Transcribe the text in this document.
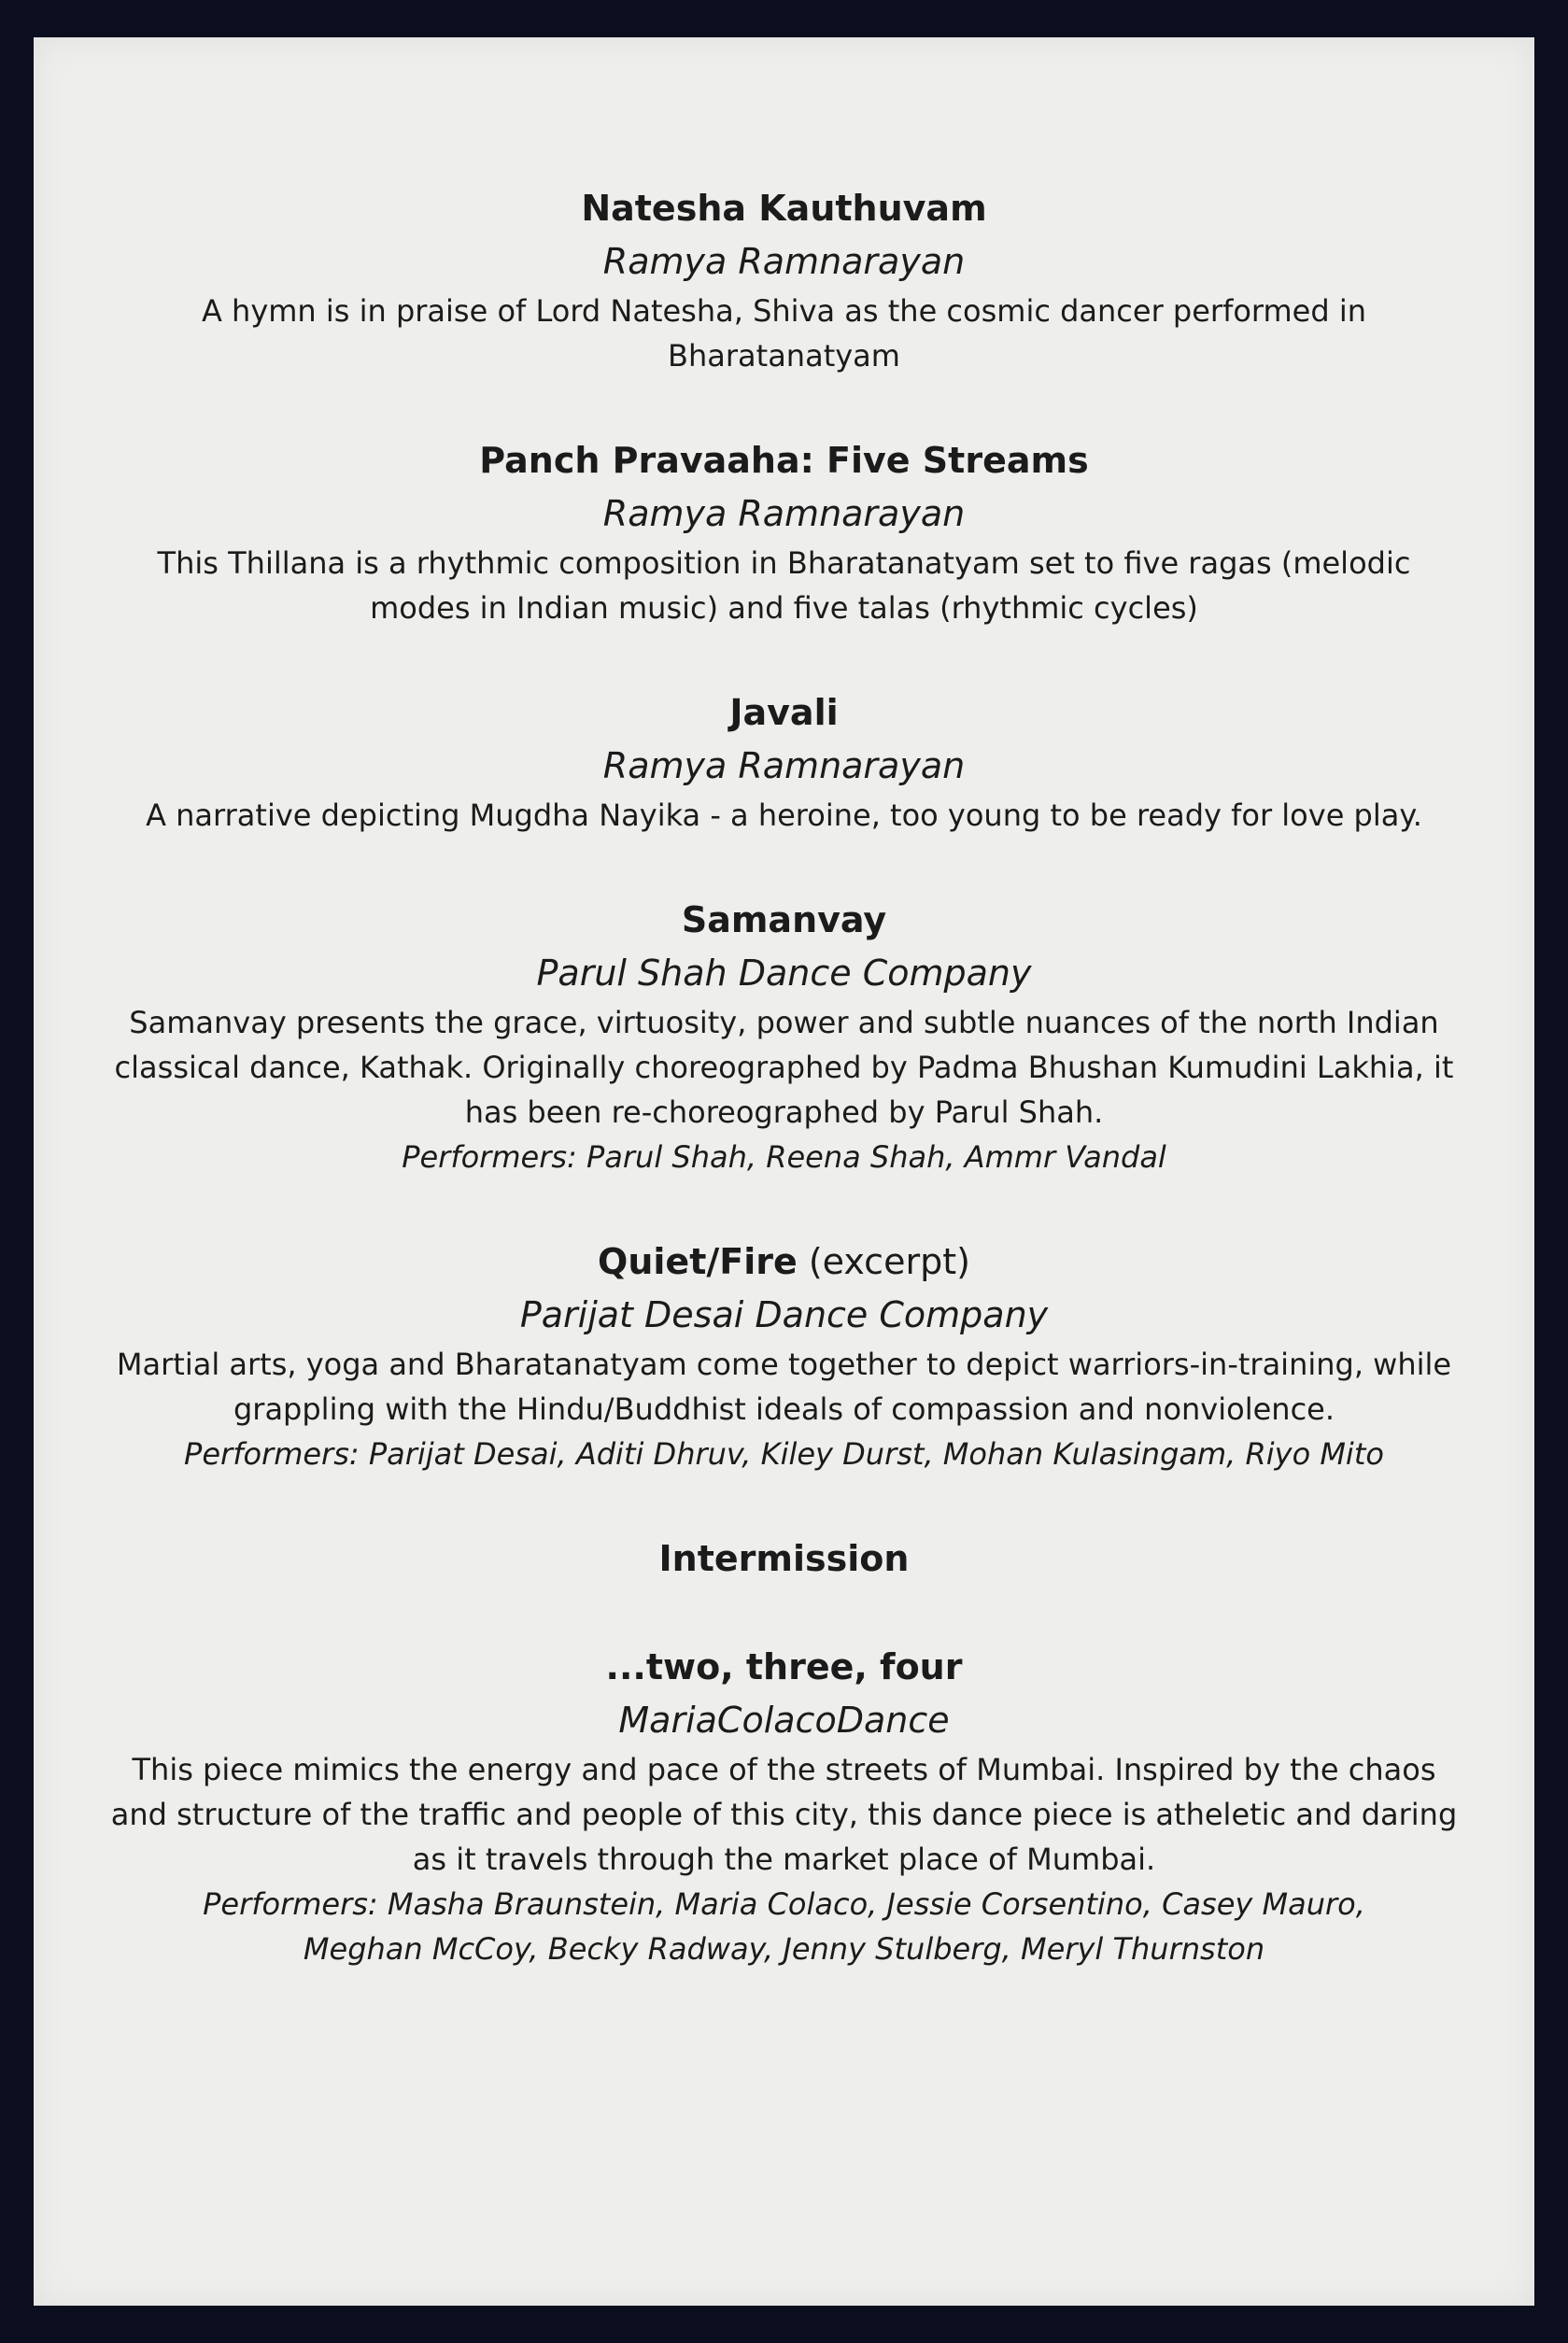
Natesha Kauthuvam

Ramya Ramnarayan

A hymn is in praise of Lord Natesha, Shiva as the cosmic dancer performed in Bharatanatyam

Panch Pravaaha: Five Streams

Ramya Ramnarayan

This Thillana is a rhythmic composition in Bharatanatyam set to five ragas (melodic modes in Indian music) and five talas (rhythmic cycles)

Javali

Ramya Ramnarayan

A narrative depicting Mugdha Nayika - a heroine, too young to be ready for love play.

Samanvay

Parul Shah Dance Company

Samanvay presents the grace, virtuosity, power and subtle nuances of the north Indian classical dance, Kathak. Originally choreographed by Padma Bhushan Kumudini Lakhia, it has been re-choreographed by Parul Shah.

Performers: Parul Shah, Reena Shah, Ammr Vandal

Quiet/Fire (excerpt)

Parijat Desai Dance Company

Martial arts, yoga and Bharatanatyam come together to depict warriors-in-training, while grappling with the Hindu/Buddhist ideals of compassion and nonviolence.

Performers: Parijat Desai, Aditi Dhruv, Kiley Durst, Mohan Kulasingam, Riyo Mito

Intermission

...two, three, four

MariaColacoDance

This piece mimics the energy and pace of the streets of Mumbai. Inspired by the chaos and structure of the traffic and people of this city, this dance piece is atheletic and daring as it travels through the market place of Mumbai.

Performers: Masha Braunstein, Maria Colaco, Jessie Corsentino, Casey Mauro, Meghan McCoy, Becky Radway, Jenny Stulberg, Meryl Thurnston
